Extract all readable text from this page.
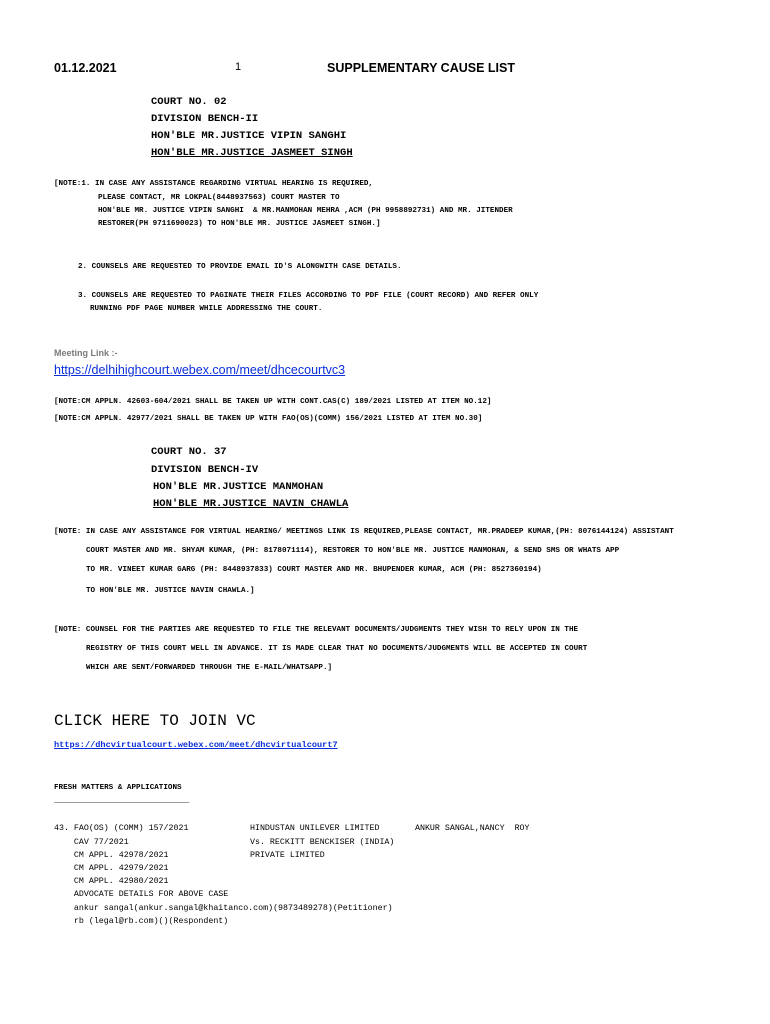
01.12.2021	1	SUPPLEMENTARY CAUSE LIST
COURT NO. 02
DIVISION BENCH-II
HON'BLE MR.JUSTICE VIPIN SANGHI
HON'BLE MR.JUSTICE JASMEET SINGH
[NOTE:1. IN CASE ANY ASSISTANCE REGARDING VIRTUAL HEARING IS REQUIRED,
PLEASE CONTACT, MR LOKPAL(8448937563) COURT MASTER TO
HON'BLE MR. JUSTICE VIPIN SANGHI  & MR.MANMOHAN MEHRA ,ACM (PH 9958892731) AND MR. JITENDER
RESTORER(PH 9711690023) TO HON'BLE MR. JUSTICE JASMEET SINGH.]
2. COUNSELS ARE REQUESTED TO PROVIDE EMAIL ID'S ALONGWITH CASE DETAILS.
3. COUNSELS ARE REQUESTED TO PAGINATE THEIR FILES ACCORDING TO PDF FILE (COURT RECORD) AND REFER ONLY
RUNNING PDF PAGE NUMBER WHILE ADDRESSING THE COURT.
Meeting Link :-
https://delhihighcourt.webex.com/meet/dhcecourtvc3
[NOTE:CM APPLN. 42603-604/2021 SHALL BE TAKEN UP WITH CONT.CAS(C) 189/2021 LISTED AT ITEM NO.12]
[NOTE:CM APPLN. 42977/2021 SHALL BE TAKEN UP WITH FAO(OS)(COMM) 156/2021 LISTED AT ITEM NO.30]
COURT NO. 37
DIVISION BENCH-IV
HON'BLE MR.JUSTICE MANMOHAN
HON'BLE MR.JUSTICE NAVIN CHAWLA
[NOTE: IN CASE ANY ASSISTANCE FOR VIRTUAL HEARING/ MEETINGS LINK IS REQUIRED,PLEASE CONTACT, MR.PRADEEP KUMAR,(PH: 8076144124) ASSISTANT
COURT MASTER AND MR. SHYAM KUMAR, (PH: 8178071114), RESTORER TO HON'BLE MR. JUSTICE MANMOHAN, & SEND SMS OR WHATS APP
TO MR. VINEET KUMAR GARG (PH: 8448937833) COURT MASTER AND MR. BHUPENDER KUMAR, ACM (PH: 8527360194)
TO HON'BLE MR. JUSTICE NAVIN CHAWLA.]
[NOTE: COUNSEL FOR THE PARTIES ARE REQUESTED TO FILE THE RELEVANT DOCUMENTS/JUDGMENTS THEY WISH TO RELY UPON IN THE
REGISTRY OF THIS COURT WELL IN ADVANCE. IT IS MADE CLEAR THAT NO DOCUMENTS/JUDGMENTS WILL BE ACCEPTED IN COURT
WHICH ARE SENT/FORWARDED THROUGH THE E-MAIL/WHATSAPP.]
CLICK HERE TO JOIN VC
https://dhcvirtualcourt.webex.com/meet/dhcvirtualcourt7
FRESH MATTERS & APPLICATIONS
______________________________
43. FAO(OS) (COMM) 157/2021
CAV 77/2021
CM APPL. 42978/2021
CM APPL. 42979/2021
CM APPL. 42980/2021
ADVOCATE DETAILS FOR ABOVE CASE
ankur sangal(ankur.sangal@khaitanco.com)(9873489278)(Petitioner)
rb (legal@rb.com)()(Respondent)
HINDUSTAN UNILEVER LIMITED
Vs. RECKITT BENCKISER (INDIA)
PRIVATE LIMITED
ANKUR SANGAL,NANCY  ROY
